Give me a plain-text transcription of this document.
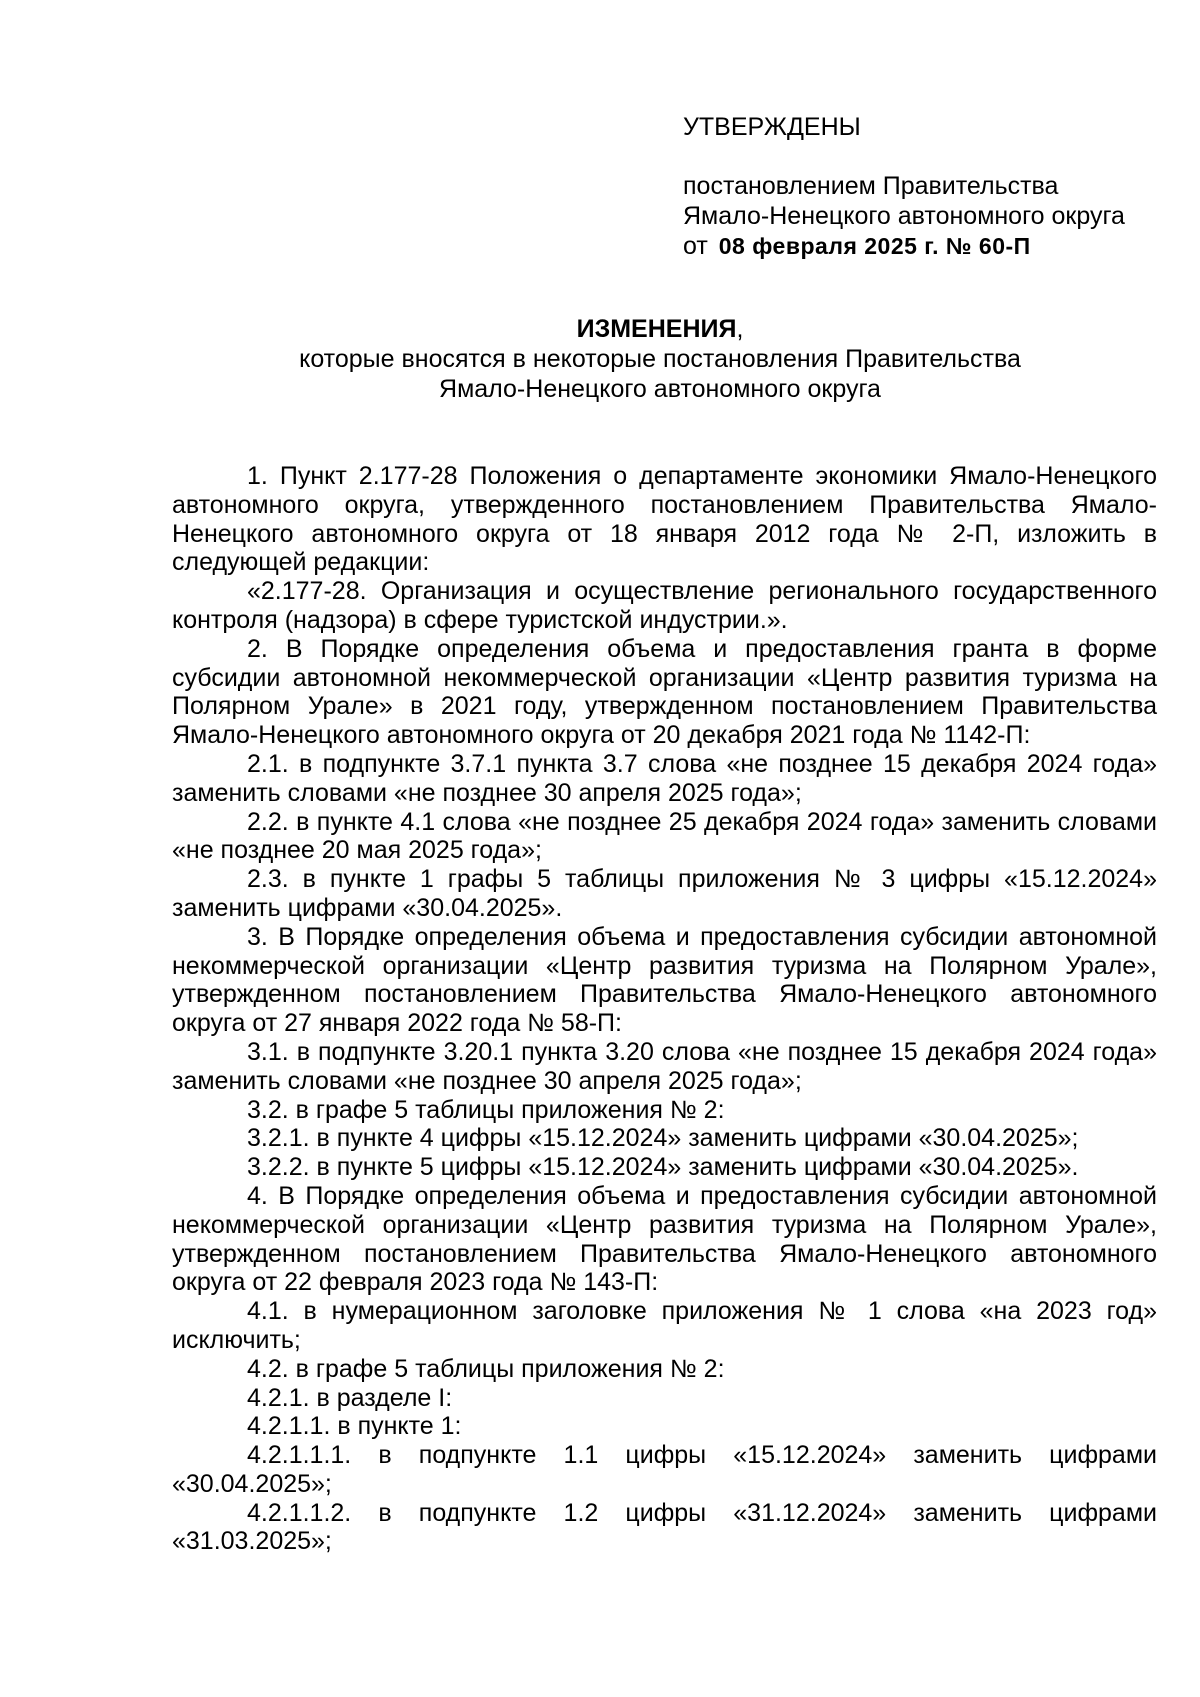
УТВЕРЖДЕНЫ
постановлением Правительства
Ямало-Ненецкого автономного округа
от 08 февраля 2025 г. № 60-П
ИЗМЕНЕНИЯ,
которые вносятся в некоторые постановления Правительства
Ямало-Ненецкого автономного округа

1. Пункт 2.177-28 Положения о департаменте экономики Ямало-Ненецкого автономного округа, утвержденного постановлением Правительства Ямало-Ненецкого автономного округа от 18 января 2012 года № 2-П, изложить в следующей редакции:

«2.177-28. Организация и осуществление регионального государственного контроля (надзора) в сфере туристской индустрии.».

2. В Порядке определения объема и предоставления гранта в форме субсидии автономной некоммерческой организации «Центр развития туризма на Полярном Урале» в 2021 году, утвержденном постановлением Правительства Ямало-Ненецкого автономного округа от 20 декабря 2021 года № 1142-П:

2.1. в подпункте 3.7.1 пункта 3.7 слова «не позднее 15 декабря 2024 года» заменить словами «не позднее 30 апреля 2025 года»;

2.2. в пункте 4.1 слова «не позднее 25 декабря 2024 года» заменить словами «не позднее 20 мая 2025 года»;

2.3. в пункте 1 графы 5 таблицы приложения № 3 цифры «15.12.2024» заменить цифрами «30.04.2025».

3. В Порядке определения объема и предоставления субсидии автономной некоммерческой организации «Центр развития туризма на Полярном Урале», утвержденном постановлением Правительства Ямало-Ненецкого автономного округа от 27 января 2022 года № 58-П:

3.1. в подпункте 3.20.1 пункта 3.20 слова «не позднее 15 декабря 2024 года» заменить словами «не позднее 30 апреля 2025 года»;

3.2. в графе 5 таблицы приложения № 2:

3.2.1. в пункте 4 цифры «15.12.2024» заменить цифрами «30.04.2025»;

3.2.2. в пункте 5 цифры «15.12.2024» заменить цифрами «30.04.2025».

4. В Порядке определения объема и предоставления субсидии автономной некоммерческой организации «Центр развития туризма на Полярном Урале», утвержденном постановлением Правительства Ямало-Ненецкого автономного округа от 22 февраля 2023 года № 143-П:

4.1. в нумерационном заголовке приложения № 1 слова «на 2023 год» исключить;

4.2. в графе 5 таблицы приложения № 2:

4.2.1. в разделе I:

4.2.1.1. в пункте 1:

4.2.1.1.1. в подпункте 1.1 цифры «15.12.2024» заменить цифрами «30.04.2025»;

4.2.1.1.2. в подпункте 1.2 цифры «31.12.2024» заменить цифрами «31.03.2025»;
